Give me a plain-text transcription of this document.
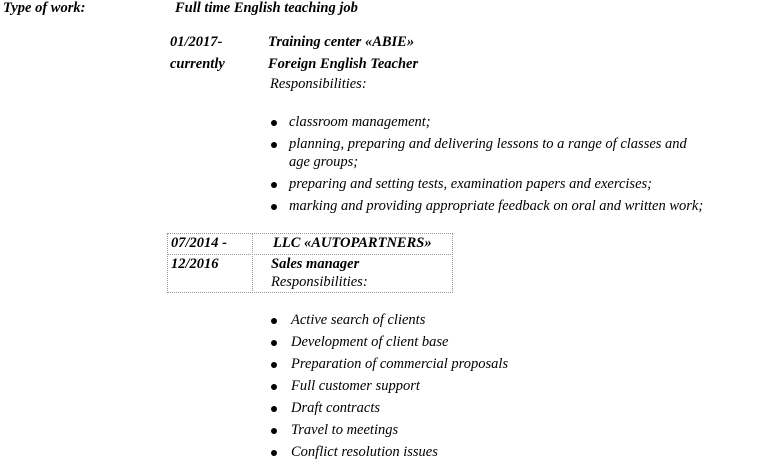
Type of work:	Full time English teaching job
01/2017-
currently
Training center «ABIE»
Foreign English Teacher
Responsibilities:
classroom management;
planning, preparing and delivering lessons to a range of classes and
age groups;
preparing and setting tests, examination papers and exercises;
marking and providing appropriate feedback on oral and written work;
07/2014 -
12/2016
LLC «AUTOPARTNERS»
Sales manager
Responsibilities:
Active search of clients
Development of client base
Preparation of commercial proposals
Full customer support
Draft contracts
Travel to meetings
Conflict resolution issues
